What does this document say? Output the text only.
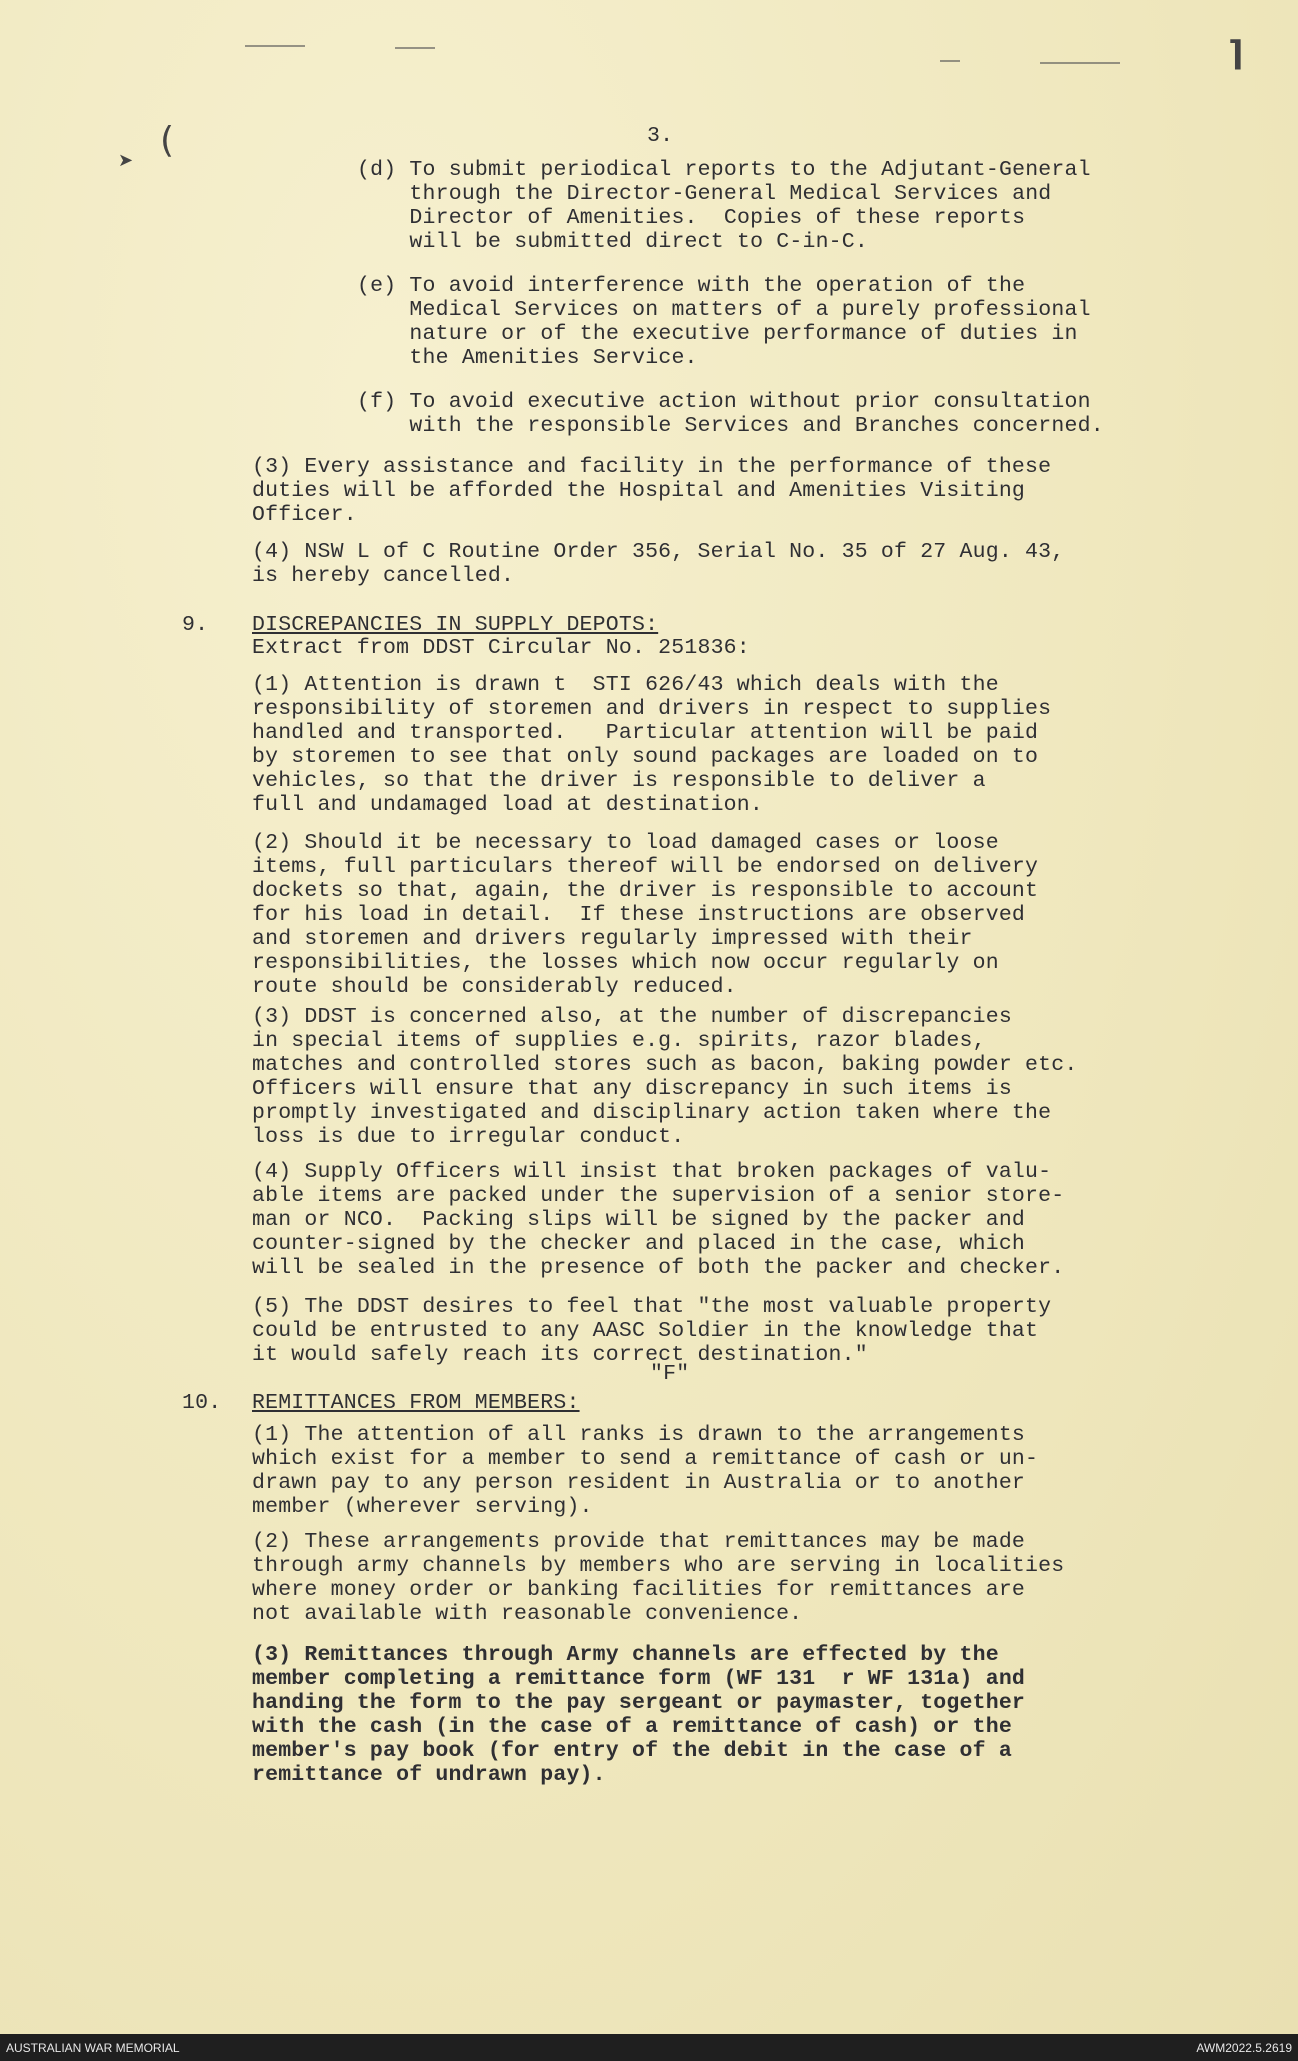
⌉
(
➤
3.
(d) To submit periodical reports to the Adjutant-General
through the Director-General Medical Services and
Director of Amenities.  Copies of these reports
will be submitted direct to C-in-C.
(e) To avoid interference with the operation of the
Medical Services on matters of a purely professional
nature or of the executive performance of duties in
the Amenities Service.
(f) To avoid executive action without prior consultation
with the responsible Services and Branches concerned.
(3) Every assistance and facility in the performance of these
duties will be afforded the Hospital and Amenities Visiting
Officer.
(4) NSW L of C Routine Order 356, Serial No. 35 of 27 Aug. 43,
is hereby cancelled.
9. DISCREPANCIES IN SUPPLY DEPOTS:
Extract from DDST Circular No. 251836:
(1) Attention is drawn t  STI 626/43 which deals with the
responsibility of storemen and drivers in respect to supplies
handled and transported.   Particular attention will be paid
by storemen to see that only sound packages are loaded on to
vehicles, so that the driver is responsible to deliver a
full and undamaged load at destination.
(2) Should it be necessary to load damaged cases or loose
items, full particulars thereof will be endorsed on delivery
dockets so that, again, the driver is responsible to account
for his load in detail.  If these instructions are observed
and storemen and drivers regularly impressed with their
responsibilities, the losses which now occur regularly on
route should be considerably reduced.
(3) DDST is concerned also, at the number of discrepancies
in special items of supplies e.g. spirits, razor blades,
matches and controlled stores such as bacon, baking powder etc.
Officers will ensure that any discrepancy in such items is
promptly investigated and disciplinary action taken where the
loss is due to irregular conduct.
(4) Supply Officers will insist that broken packages of valu-
able items are packed under the supervision of a senior store-
man or NCO.  Packing slips will be signed by the packer and
counter-signed by the checker and placed in the case, which
will be sealed in the presence of both the packer and checker.
(5) The DDST desires to feel that "the most valuable property
could be entrusted to any AASC Soldier in the knowledge that
it would safely reach its correct destination."
"F"
10. REMITTANCES FROM MEMBERS:
(1) The attention of all ranks is drawn to the arrangements
which exist for a member to send a remittance of cash or un-
drawn pay to any person resident in Australia or to another
member (wherever serving).
(2) These arrangements provide that remittances may be made
through army channels by members who are serving in localities
where money order or banking facilities for remittances are
not available with reasonable convenience.
(3) Remittances through Army channels are effected by the
member completing a remittance form (WF 131  r WF 131a) and
handing the form to the pay sergeant or paymaster, together
with the cash (in the case of a remittance of cash) or the
member's pay book (for entry of the debit in the case of a
remittance of undrawn pay).
AUSTRALIAN WAR MEMORIAL	AWM2022.5.2619
